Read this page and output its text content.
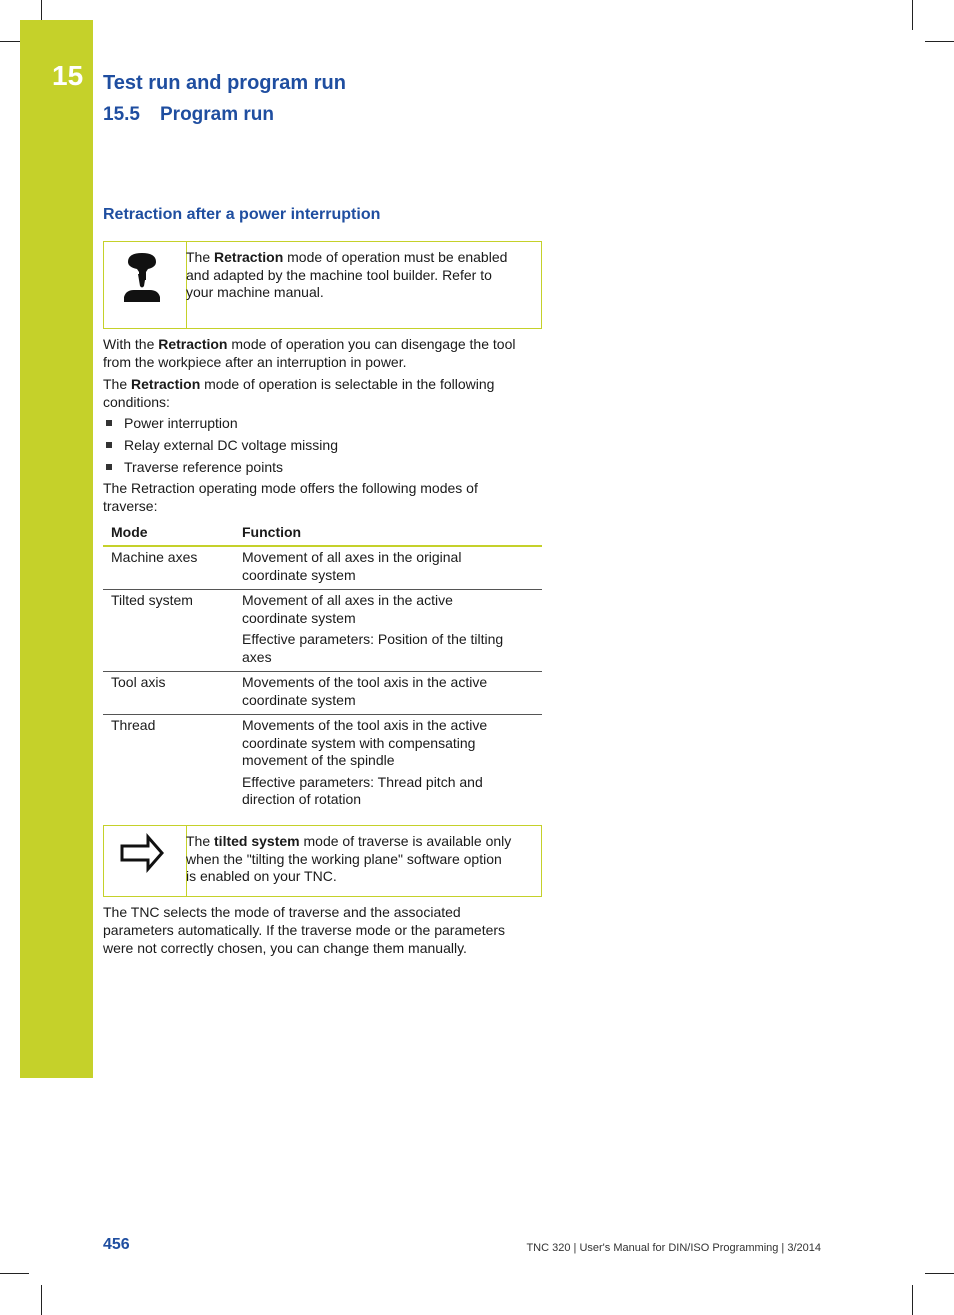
15 Test run and program run
15.5 Program run
Retraction after a power interruption
The Retraction mode of operation must be enabled
and adapted by the machine tool builder. Refer to
your machine manual.
With the Retraction mode of operation you can disengage the tool
from the workpiece after an interruption in power.
The Retraction mode of operation is selectable in the following
conditions:
Power interruption
Relay external DC voltage missing
Traverse reference points
The Retraction operating mode offers the following modes of
traverse:
Mode	Function
Machine axes	Movement of all axes in the original
coordinate system
Tilted system	Movement of all axes in the active
coordinate system
Effective parameters: Position of the tilting
axes
Tool axis	Movements of the tool axis in the active
coordinate system
Thread	Movements of the tool axis in the active
coordinate system with compensating
movement of the spindle
Effective parameters: Thread pitch and
direction of rotation
The tilted system mode of traverse is available only
when the "tilting the working plane" software option
is enabled on your TNC.
The TNC selects the mode of traverse and the associated
parameters automatically. If the traverse mode or the parameters
were not correctly chosen, you can change them manually.
456	TNC 320 | User's Manual for DIN/ISO Programming | 3/2014
